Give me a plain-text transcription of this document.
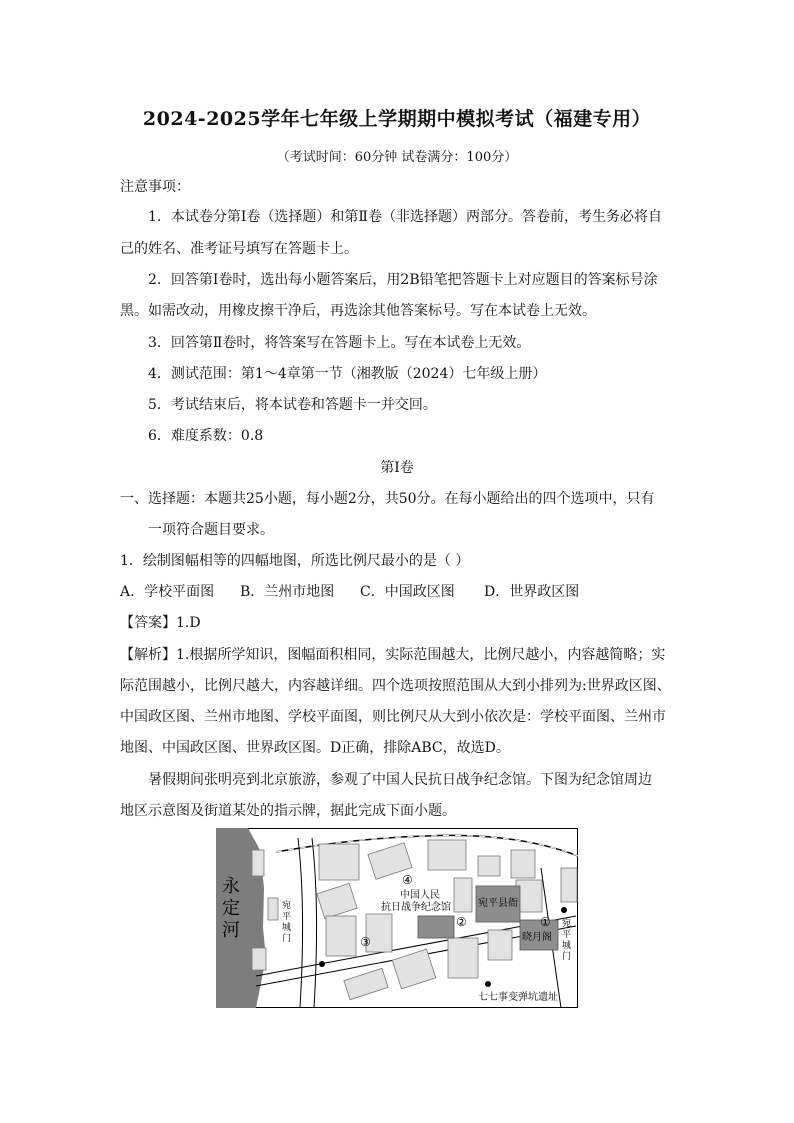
2024-2025学年七年级上学期期中模拟考试（福建专用）
（考试时间：60分钟 试卷满分：100分）
注意事项：
1．本试卷分第Ⅰ卷（选择题）和第Ⅱ卷（非选择题）两部分。答卷前，考生务必将自
己的姓名、准考证号填写在答题卡上。
2．回答第Ⅰ卷时，选出每小题答案后，用2B铅笔把答题卡上对应题目的答案标号涂
黑。如需改动，用橡皮擦干净后，再选涂其他答案标号。写在本试卷上无效。
3．回答第Ⅱ卷时，将答案写在答题卡上。写在本试卷上无效。
4．测试范围：第1～4章第一节（湘教版（2024）七年级上册）
5．考试结束后，将本试卷和答题卡一并交回。
6．难度系数：0.8
第Ⅰ卷
一、选择题：本题共25小题，每小题2分，共50分。在每小题给出的四个选项中，只有
一项符合题目要求。
1．绘制图幅相等的四幅地图，所选比例尺最小的是（ ）
A．学校平面图 B．兰州市地图 C．中国政区图 D．世界政区图
【答案】1.D
【解析】1.根据所学知识，图幅面积相同，实际范围越大，比例尺越小，内容越简略；实
际范围越小，比例尺越大，内容越详细。四个选项按照范围从大到小排列为:世界政区图、
中国政区图、兰州市地图、学校平面图，则比例尺从大到小依次是：学校平面图、兰州市
地图、中国政区图、世界政区图。D正确，排除ABC，故选D。
暑假期间张明亮到北京旅游，参观了中国人民抗日战争纪念馆。下图为纪念馆周边
地区示意图及街道某处的指示牌，据此完成下面小题。
永
定
河
中国人民
抗日战争纪念馆	宛平县衙
晓月阁
七七事变弹坑遗址
宛
平
城
门
宛
平
城
门
①
②
③
④
